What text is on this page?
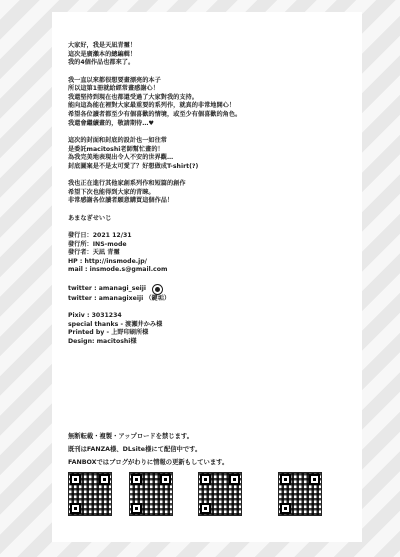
大家好，我是天凪青璽！
這次是廣瀨本的總編輯！
我的4個作品也都來了。
我一直以來都很想要畫漂亮的本子
所以這第1冊就給經常畫感謝心！
我還堅持到現在也都還受過了大家對我的支持。
能向這為能在裡對大家最重要的系列作，就真的非常地開心！
希望各位讀者都至少有個喜歡的情境，或至少有個喜歡的角色。
我還會繼續畫的，敬請期待…♥
這次的封面和封底的設計也一如往常
是委託macitoshi老師幫忙畫的！
為我完美地表現出令人不安的世界觀…
封底圖案是不是太可愛了？好想做成T-shirt(?)
我也正在進行其他家創系列作和短篇的創作
希望下次也能得到大家的青睞。
非常感謝各位讀者願意購買這個作品！
あまなぎせいじ
發行日：2021 12/31
發行所：INS-mode
發行者：天凪 青璽
HP : http://insmode.jp/
mail : insmode.s@gmail.com
twitter : amanagi_seiji
twitter : amanagixeiji （鍵垢）
Pixiv : 3031234
special thanks - 渡瀬井かみ様
Printed by - 上野印刷所様
Design: macitoshi様
無断転載・複製・アップロードを禁じます。
既刊はFANZA様、DLsite様にて配信中です。
FANBOXではブログがわりに情報の更新もしています。
